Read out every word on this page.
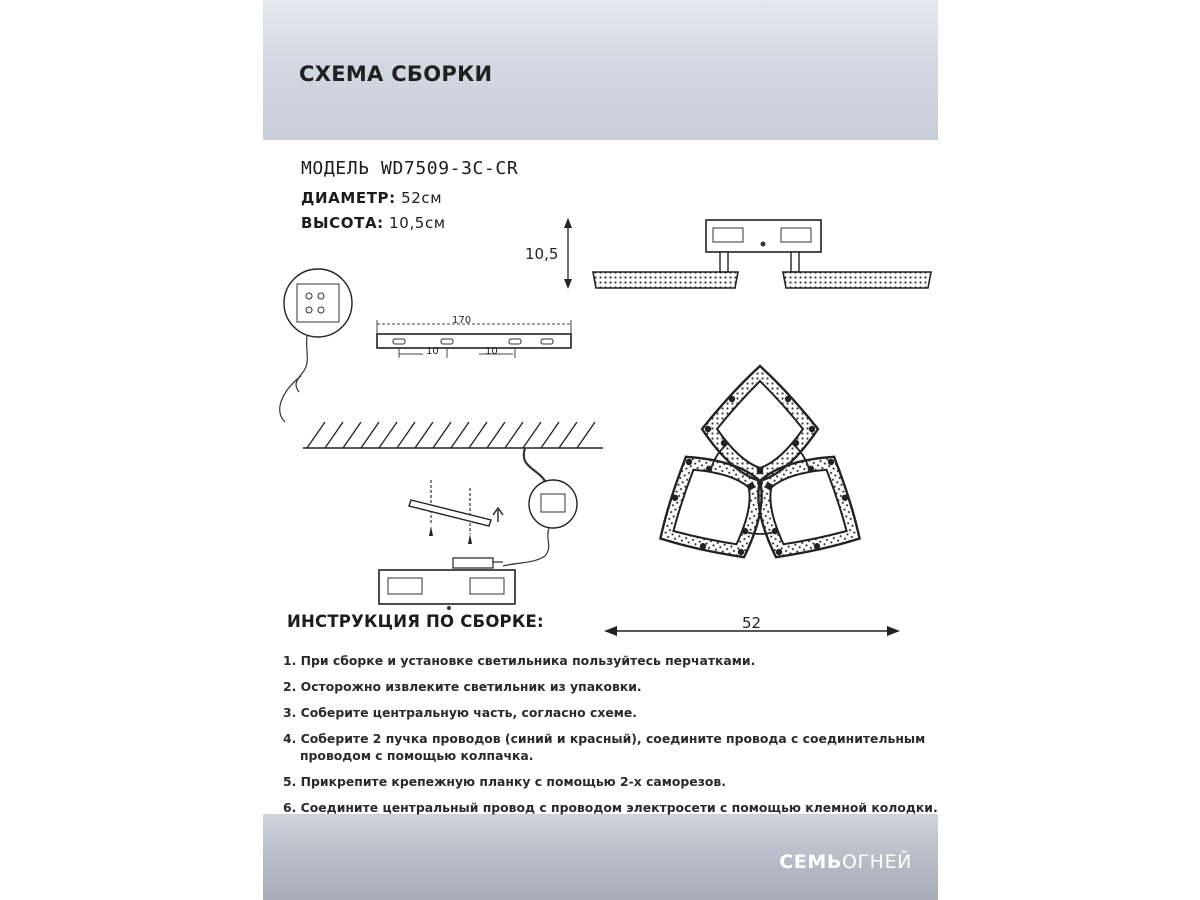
СХЕМА СБОРКИ
МОДЕЛЬ WD7509-3C-CR
ДИАМЕТР: 52см
ВЫСОТА: 10,5см
10,5
170
10	10
52
ИНСТРУКЦИЯ ПО СБОРКЕ:
1. При сборке и установке светильника пользуйтесь перчатками.
2. Осторожно извлеките светильник из упаковки.
3. Соберите центральную часть, согласно схеме.
4. Соберите 2 пучка проводов (синий и красный), соедините провода с соединительным
проводом с помощью колпачка.
5. Прикрепите крепежную планку с помощью 2-х саморезов.
6. Соедините центральный провод с проводом электросети с помощью клемной колодки.
СЕМЬОГНЕЙ
